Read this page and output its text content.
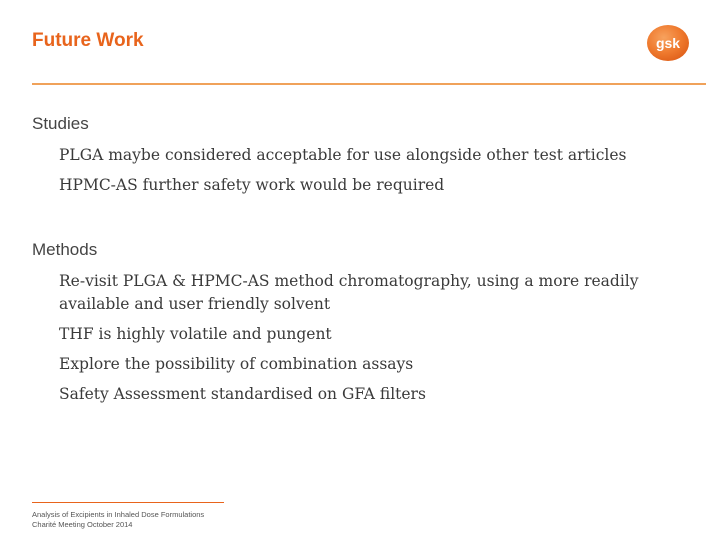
Future Work	gsk
Studies
PLGA maybe considered acceptable for use alongside other test articles
HPMC-AS further safety work would be required
Methods
Re-visit PLGA & HPMC-AS method chromatography, using a more readily available and user friendly solvent
THF is highly volatile and pungent
Explore the possibility of combination assays
Safety Assessment standardised on GFA filters
Analysis of Excipients in Inhaled Dose Formulations
Charité Meeting October 2014
